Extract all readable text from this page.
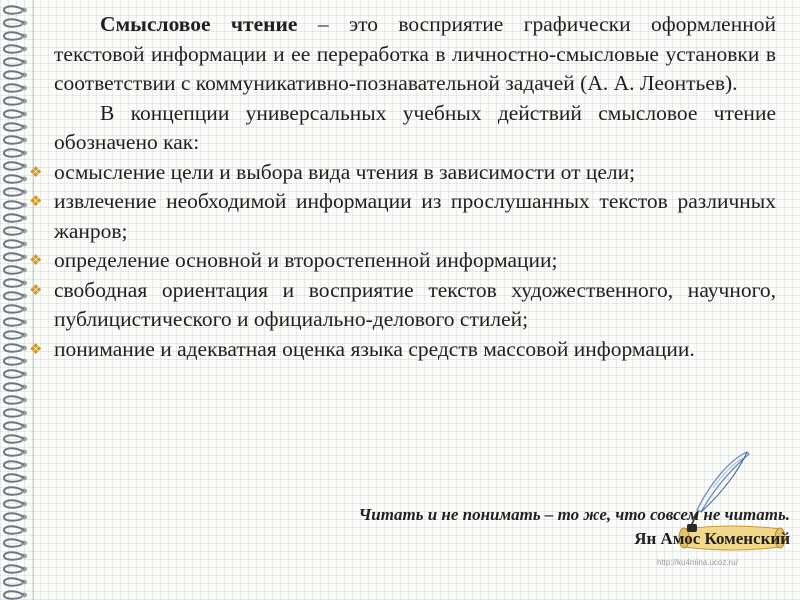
Смысловое чтение – это восприятие графически оформленной текстовой информации и ее переработка в личностно-смысловые установки в соответствии с коммуникативно-познавательной задачей (А. А. Леонтьев).

В концепции универсальных учебных действий смысловое чтение обозначено как:

❖ осмысление цели и выбора вида чтения в зависимости от цели;
❖ извлечение необходимой информации из прослушанных текстов различных жанров;
❖ определение основной и второстепенной информации;
❖ свободная ориентация и восприятие текстов художественного, научного, публицистического и официально-делового стилей;
❖ понимание и адекватная оценка языка средств массовой информации.
Читать и не понимать – то же, что совсем не читать.
Ян Амос Коменский
http://ku4mina.ucoz.ru/
